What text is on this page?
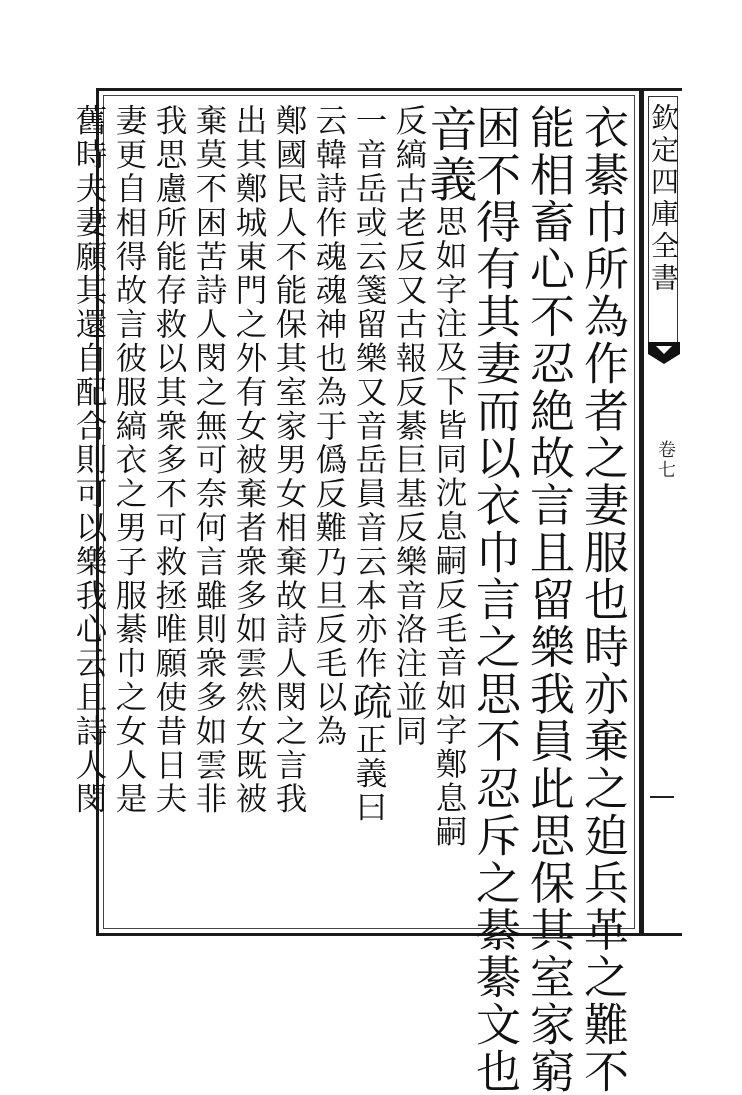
欽定四庫全書
卷七
衣綦巾所為作者之妻服也時亦棄之廹兵革之難不
能相畜心不忍絶故言且留樂我員此思保其室家窮
困不得有其妻而以衣巾言之思不忍斥之綦綦文也
音義思如字注及下皆同沈息嗣反毛音如字鄭息嗣
反縞古老反又古報反綦巨基反樂音洛注並同
一音岳或云箋留樂又音岳員音云本亦作疏正義曰
云韓詩作魂魂神也為于僞反難乃旦反毛以為
鄭國民人不能保其室家男女相棄故詩人閔之言我
出其鄭城東門之外有女被棄者衆多如雲然女既被
棄莫不困苦詩人閔之無可奈何言雖則衆多如雲非
我思慮所能存救以其衆多不可救拯唯願使昔日夫
妻更自相得故言彼服縞衣之男子服綦巾之女人是
舊時夫妻願其還自配合則可以樂我心云且詩人閔
